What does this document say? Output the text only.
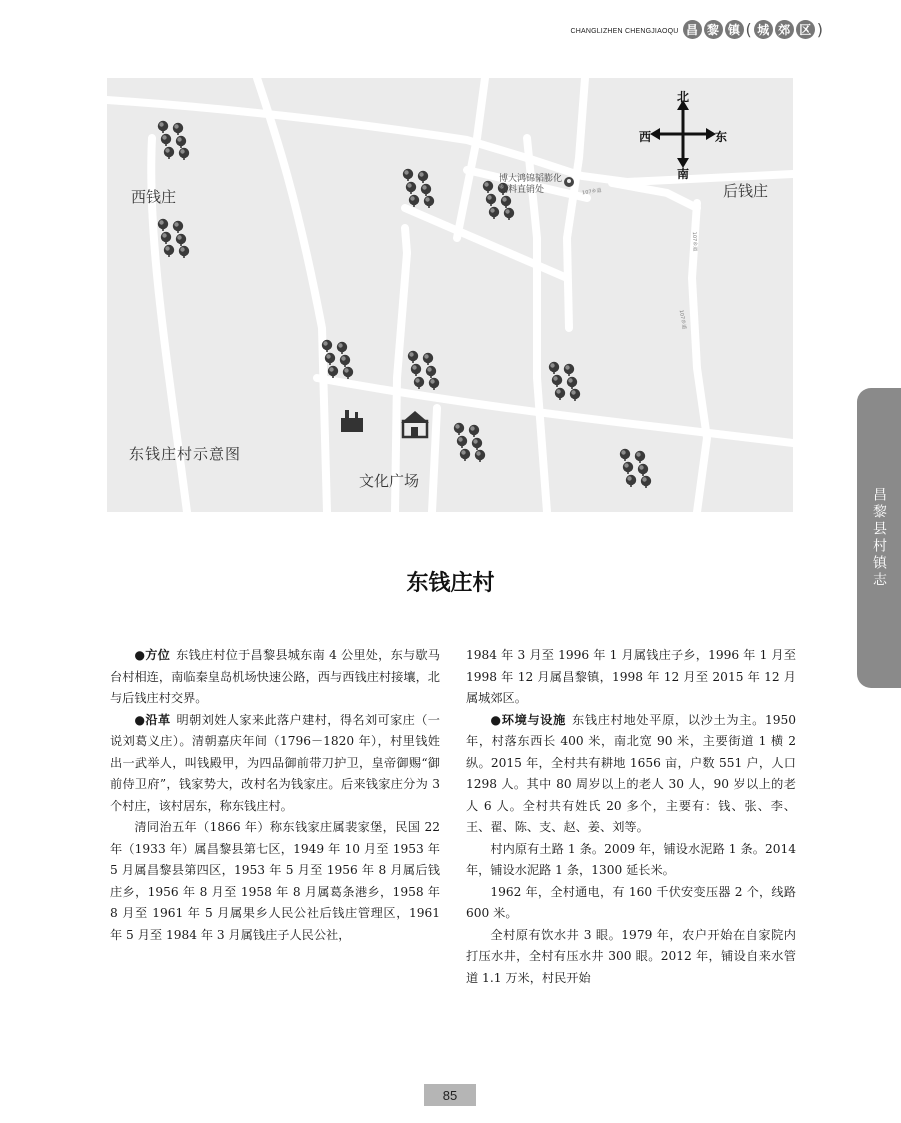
CHANGLIZHEN CHENGJIAOQU 昌 黎 镇 ( 城 郊 区 )
西钱庄	后钱庄
文化广场
东钱庄村示意图
北
南
西	东
博大鸿锦韬膨化
饲料直销处	107乡道
107乡道
107乡道
昌黎县村镇志
东钱庄村

●方位 东钱庄村位于昌黎县城东南 4 公里处，东与歇马台村相连，南临秦皇岛机场快速公路，西与西钱庄村接壤，北与后钱庄村交界。

●沿革 明朝刘姓人家来此落户建村，得名刘可家庄（一说刘葛义庄）。清朝嘉庆年间（1796－1820 年），村里钱姓出一武举人，叫钱殿甲，为四品御前带刀护卫，皇帝御赐“御前侍卫府”，钱家势大，改村名为钱家庄。后来钱家庄分为 3 个村庄，该村居东，称东钱庄村。

清同治五年（1866 年）称东钱家庄属裴家堡，民国 22 年（1933 年）属昌黎县第七区，1949 年 10 月至 1953 年 5 月属昌黎县第四区，1953 年 5 月至 1956 年 8 月属后钱庄乡，1956 年 8 月至 1958 年 8 月属葛条港乡，1958 年 8 月至 1961 年 5 月属果乡人民公社后钱庄管理区，1961 年 5 月至 1984 年 3 月属钱庄子人民公社，

1984 年 3 月至 1996 年 1 月属钱庄子乡，1996 年 1 月至 1998 年 12 月属昌黎镇，1998 年 12 月至 2015 年 12 月属城郊区。

●环境与设施 东钱庄村地处平原，以沙土为主。1950 年，村落东西长 400 米，南北宽 90 米，主要街道 1 横 2 纵。2015 年，全村共有耕地 1656 亩，户数 551 户，人口 1298 人。其中 80 周岁以上的老人 30 人，90 岁以上的老人 6 人。全村共有姓氏 20 多个，主要有：钱、张、李、王、翟、陈、支、赵、姜、刘等。

村内原有土路 1 条。2009 年，铺设水泥路 1 条。2014 年，铺设水泥路 1 条，1300 延长米。

1962 年，全村通电，有 160 千伏安变压器 2 个，线路 600 米。

全村原有饮水井 3 眼。1979 年，农户开始在自家院内打压水井，全村有压水井 300 眼。2012 年，铺设自来水管道 1.1 万米，村民开始

85
